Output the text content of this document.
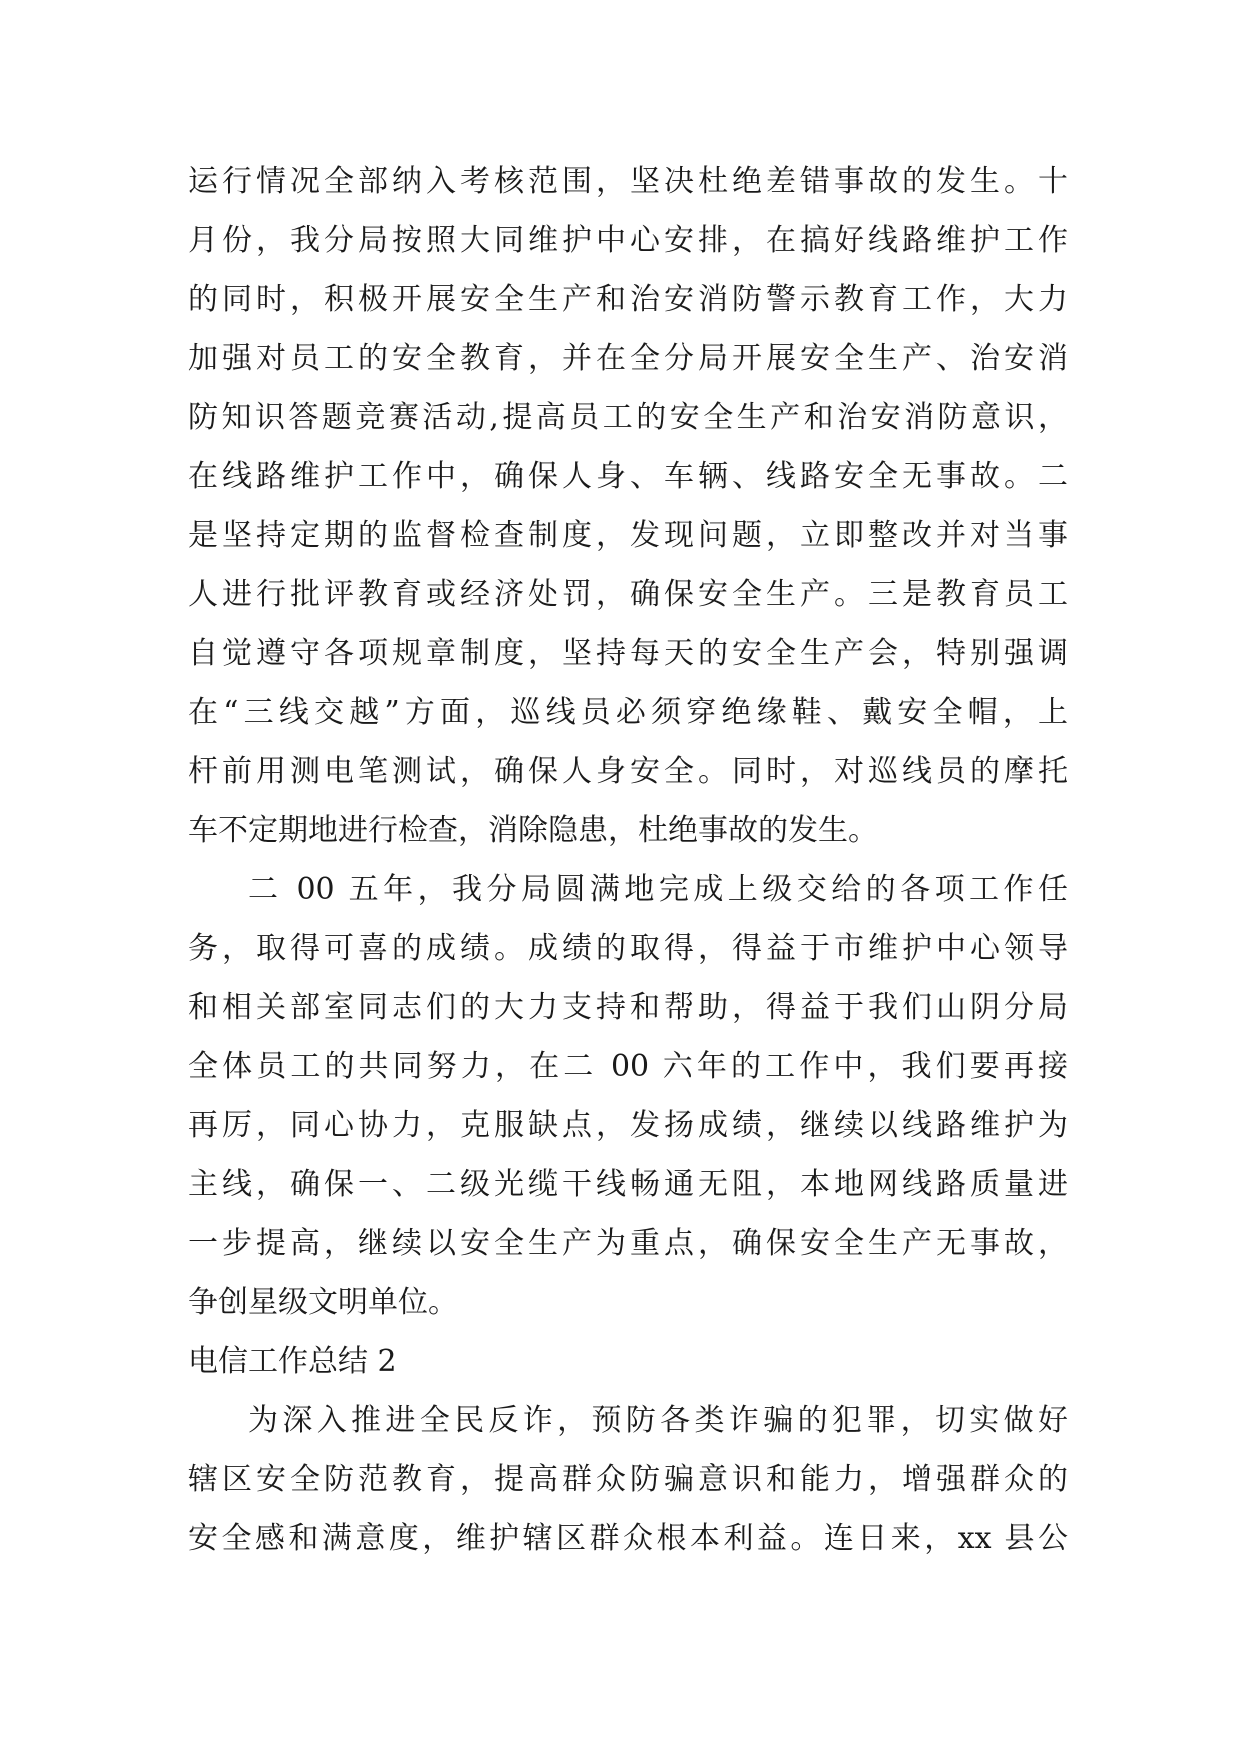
运行情况全部纳入考核范围，坚决杜绝差错事故的发生。十
月份，我分局按照大同维护中心安排，在搞好线路维护工作
的同时，积极开展安全生产和治安消防警示教育工作，大力
加强对员工的安全教育，并在全分局开展安全生产、治安消
防知识答题竞赛活动,提高员工的安全生产和治安消防意识，
在线路维护工作中，确保人身、车辆、线路安全无事故。二
是坚持定期的监督检查制度，发现问题，立即整改并对当事
人进行批评教育或经济处罚，确保安全生产。三是教育员工
自觉遵守各项规章制度，坚持每天的安全生产会，特别强调
在“三线交越”方面，巡线员必须穿绝缘鞋、戴安全帽，上
杆前用测电笔测试，确保人身安全。同时，对巡线员的摩托
车不定期地进行检查，消除隐患，杜绝事故的发生。
二 00 五年，我分局圆满地完成上级交给的各项工作任
务，取得可喜的成绩。成绩的取得，得益于市维护中心领导
和相关部室同志们的大力支持和帮助，得益于我们山阴分局
全体员工的共同努力，在二 00 六年的工作中，我们要再接
再厉，同心协力，克服缺点，发扬成绩，继续以线路维护为
主线，确保一、二级光缆干线畅通无阻，本地网线路质量进
一步提高，继续以安全生产为重点，确保安全生产无事故，
争创星级文明单位。
电信工作总结 2
为深入推进全民反诈，预防各类诈骗的犯罪，切实做好
辖区安全防范教育，提高群众防骗意识和能力，增强群众的
安全感和满意度，维护辖区群众根本利益。连日来，xx 县公
